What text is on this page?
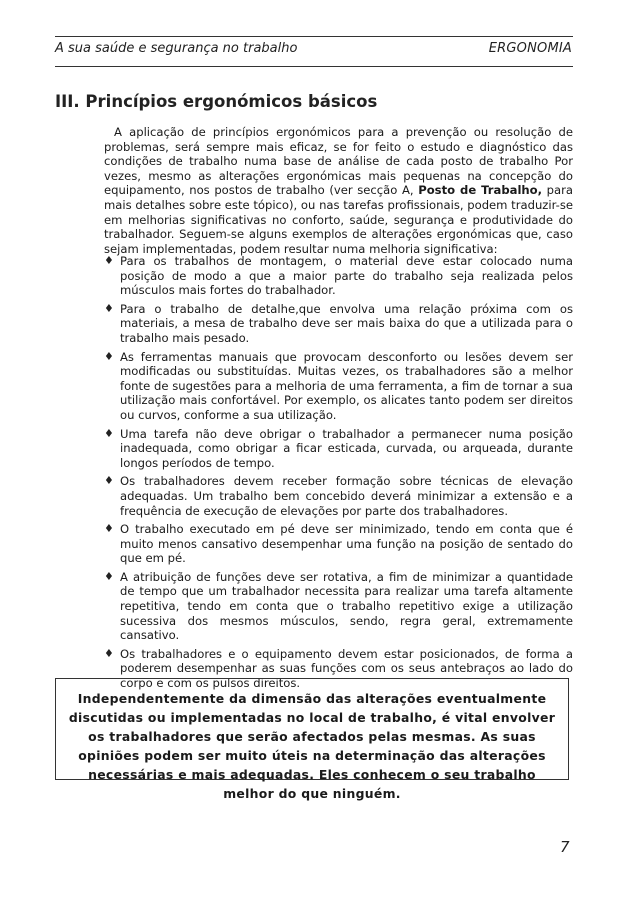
A sua saúde e segurança no trabalho	ERGONOMIA
III. Princípios ergonómicos básicos
A aplicação de princípios ergonómicos para a prevenção ou resolução de problemas, será sempre mais eficaz, se for feito o estudo e diagnóstico das condições de trabalho numa base de análise de cada posto de trabalho Por vezes, mesmo as alterações ergonómicas mais pequenas na concepção do equipamento, nos postos de trabalho (ver secção A, Posto de Trabalho, para mais detalhes sobre este tópico), ou nas tarefas profissionais, podem traduzir-se em melhorias significativas no conforto, saúde, segurança e produtividade do trabalhador. Seguem-se alguns exemplos de alterações ergonómicas que, caso sejam implementadas, podem resultar numa melhoria significativa:
♦ Para os trabalhos de montagem, o material deve estar colocado numa posição de modo a que a maior parte do trabalho seja realizada pelos músculos mais fortes do trabalhador.
♦ Para o trabalho de detalhe,que envolva uma relação próxima com os materiais, a mesa de trabalho deve ser mais baixa do que a utilizada para o trabalho mais pesado.
♦ As ferramentas manuais que provocam desconforto ou lesões devem ser modificadas ou substituídas. Muitas vezes, os trabalhadores são a melhor fonte de sugestões para a melhoria de uma ferramenta, a fim de tornar a sua utilização mais confortável. Por exemplo, os alicates tanto podem ser direitos ou curvos, conforme a sua utilização.
♦ Uma tarefa não deve obrigar o trabalhador a permanecer numa posição inadequada, como obrigar a ficar esticada, curvada, ou arqueada, durante longos períodos de tempo.
♦ Os trabalhadores devem receber formação sobre técnicas de elevação adequadas. Um trabalho bem concebido deverá minimizar a extensão e a frequência de execução de elevações por parte dos trabalhadores.
♦ O trabalho executado em pé deve ser minimizado, tendo em conta que é muito menos cansativo desempenhar uma função na posição de sentado do que em pé.
♦ A atribuição de funções deve ser rotativa, a fim de minimizar a quantidade de tempo que um trabalhador necessita para realizar uma tarefa altamente repetitiva, tendo em conta que o trabalho repetitivo exige a utilização sucessiva dos mesmos músculos, sendo, regra geral, extremamente cansativo.
♦ Os trabalhadores e o equipamento devem estar posicionados, de forma a poderem desempenhar as suas funções com os seus antebraços ao lado do corpo e com os pulsos direitos.
Independentemente da dimensão das alterações eventualmente discutidas ou implementadas no local de trabalho, é vital envolver os trabalhadores que serão afectados pelas mesmas. As suas opiniões podem ser muito úteis na determinação das alterações necessárias e mais adequadas. Eles conhecem o seu trabalho melhor do que ninguém.
7
